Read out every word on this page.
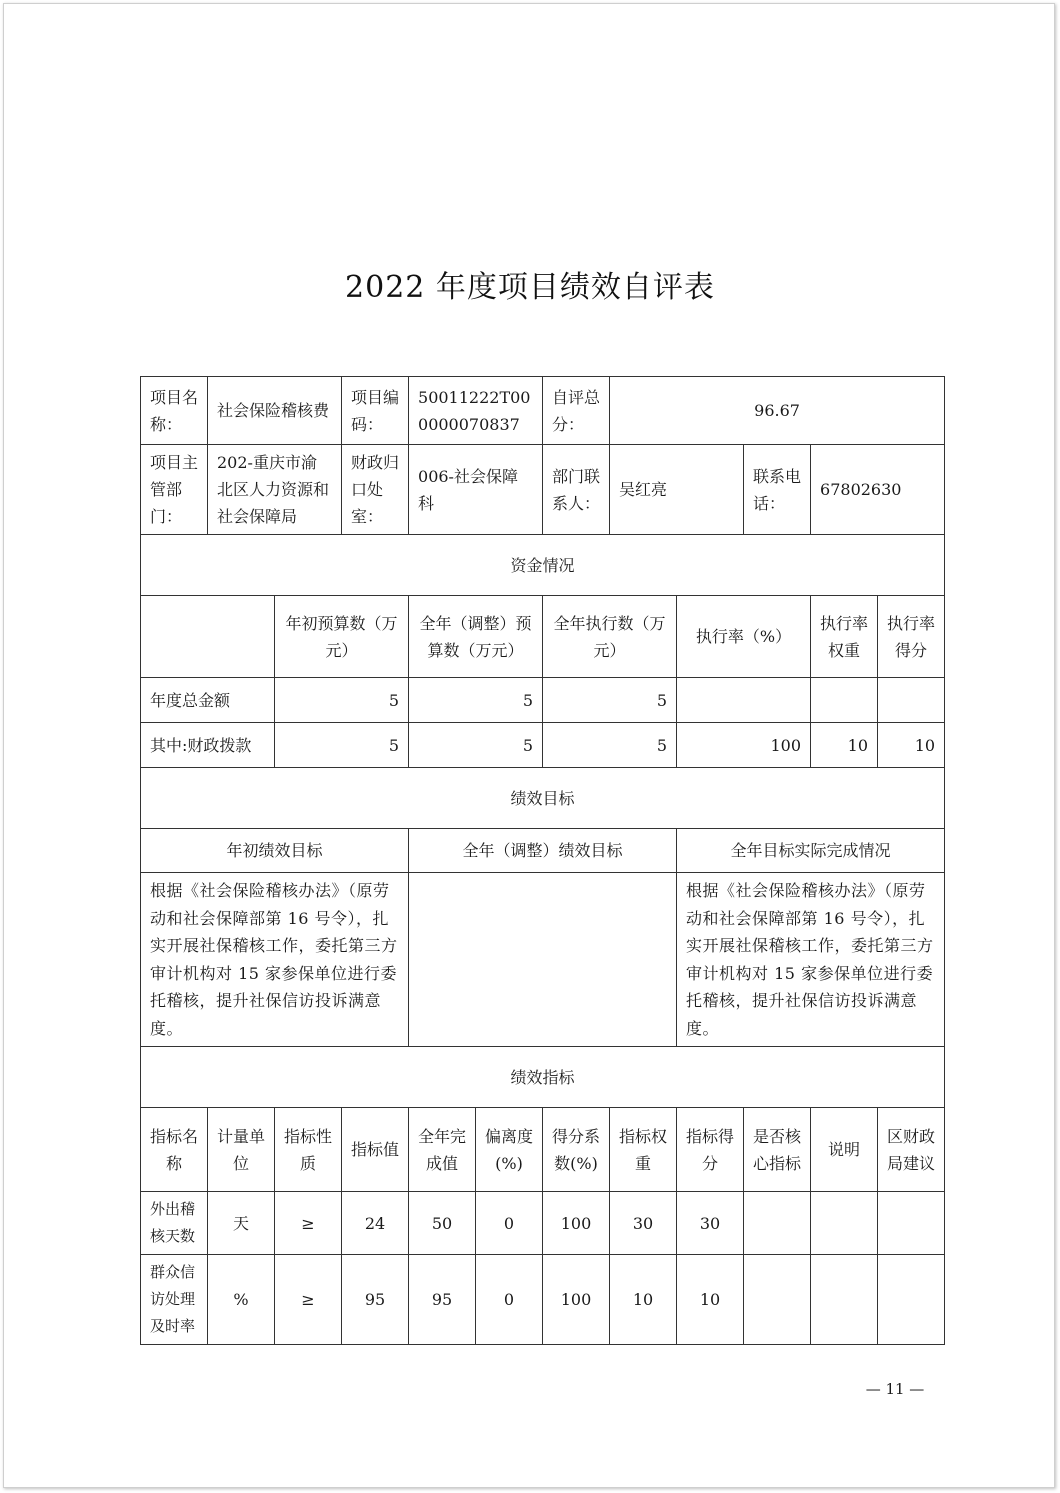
2022 年度项目绩效自评表
项目名称：	社会保险稽核费		项目编码：	50011222T000000070837		自评总分：	96.67				
项目主管部门：	202-重庆市渝北区人力资源和社会保障局		财政归口处室：	006-社会保障科		部门联系人：	吴红亮		联系电话：	67802630	
资金情况											
		年初预算数（万元）		全年（调整）预算数（万元）		全年执行数（万元）		执行率（%）		执行率权重	执行率得分
年度总金额		5		5		5					
其中:财政拨款		5		5		5		100		10	10
绩效目标											
年初绩效目标				全年（调整）绩效目标				全年目标实际完成情况			
根据《社会保险稽核办法》（原劳动和社会保障部第 16 号令），扎实开展社保稽核工作，委托第三方审计机构对 15 家参保单位进行委托稽核，提升社保信访投诉满意度。								根据《社会保险稽核办法》（原劳动和社会保障部第 16 号令），扎实开展社保稽核工作，委托第三方审计机构对 15 家参保单位进行委托稽核，提升社保信访投诉满意度。			
绩效指标											
指标名称	计量单位	指标性质	指标值	全年完成值	偏离度(%)	得分系数(%)	指标权重	指标得分	是否核心指标	说明	区财政局建议
外出稽核天数	天	≥	24	50	0	100	30	30			
群众信访处理及时率	%	≥	95	95	0	100	10	10			
— 11 —
